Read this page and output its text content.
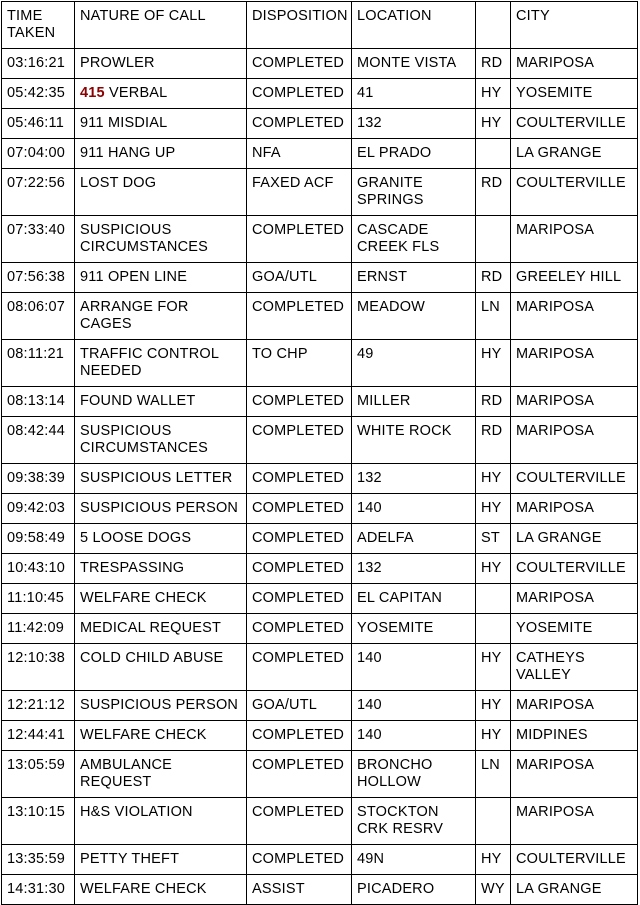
TIME
TAKEN	NATURE OF CALL	DISPOSITION	LOCATION		CITY
03:16:21	PROWLER	COMPLETED	MONTE VISTA	RD	MARIPOSA
05:42:35	415 VERBAL	COMPLETED	41	HY	YOSEMITE
05:46:11	911 MISDIAL	COMPLETED	132	HY	COULTERVILLE
07:04:00	911 HANG UP	NFA	EL PRADO		LA GRANGE
07:22:56	LOST DOG	FAXED ACF	GRANITE SPRINGS	RD	COULTERVILLE
07:33:40	SUSPICIOUS CIRCUMSTANCES	COMPLETED	CASCADE CREEK FLS		MARIPOSA
07:56:38	911 OPEN LINE	GOA/UTL	ERNST	RD	GREELEY HILL
08:06:07	ARRANGE FOR CAGES	COMPLETED	MEADOW	LN	MARIPOSA
08:11:21	TRAFFIC CONTROL NEEDED	TO CHP	49	HY	MARIPOSA
08:13:14	FOUND WALLET	COMPLETED	MILLER	RD	MARIPOSA
08:42:44	SUSPICIOUS CIRCUMSTANCES	COMPLETED	WHITE ROCK	RD	MARIPOSA
09:38:39	SUSPICIOUS LETTER	COMPLETED	132	HY	COULTERVILLE
09:42:03	SUSPICIOUS PERSON	COMPLETED	140	HY	MARIPOSA
09:58:49	5 LOOSE DOGS	COMPLETED	ADELFA	ST	LA GRANGE
10:43:10	TRESPASSING	COMPLETED	132	HY	COULTERVILLE
11:10:45	WELFARE CHECK	COMPLETED	EL CAPITAN		MARIPOSA
11:42:09	MEDICAL REQUEST	COMPLETED	YOSEMITE		YOSEMITE
12:10:38	COLD CHILD ABUSE	COMPLETED	140	HY	CATHEYS VALLEY
12:21:12	SUSPICIOUS PERSON	GOA/UTL	140	HY	MARIPOSA
12:44:41	WELFARE CHECK	COMPLETED	140	HY	MIDPINES
13:05:59	AMBULANCE REQUEST	COMPLETED	BRONCHO HOLLOW	LN	MARIPOSA
13:10:15	H&S VIOLATION	COMPLETED	STOCKTON CRK RESRV		MARIPOSA
13:35:59	PETTY THEFT	COMPLETED	49N	HY	COULTERVILLE
14:31:30	WELFARE CHECK	ASSIST	PICADERO	WY	LA GRANGE
